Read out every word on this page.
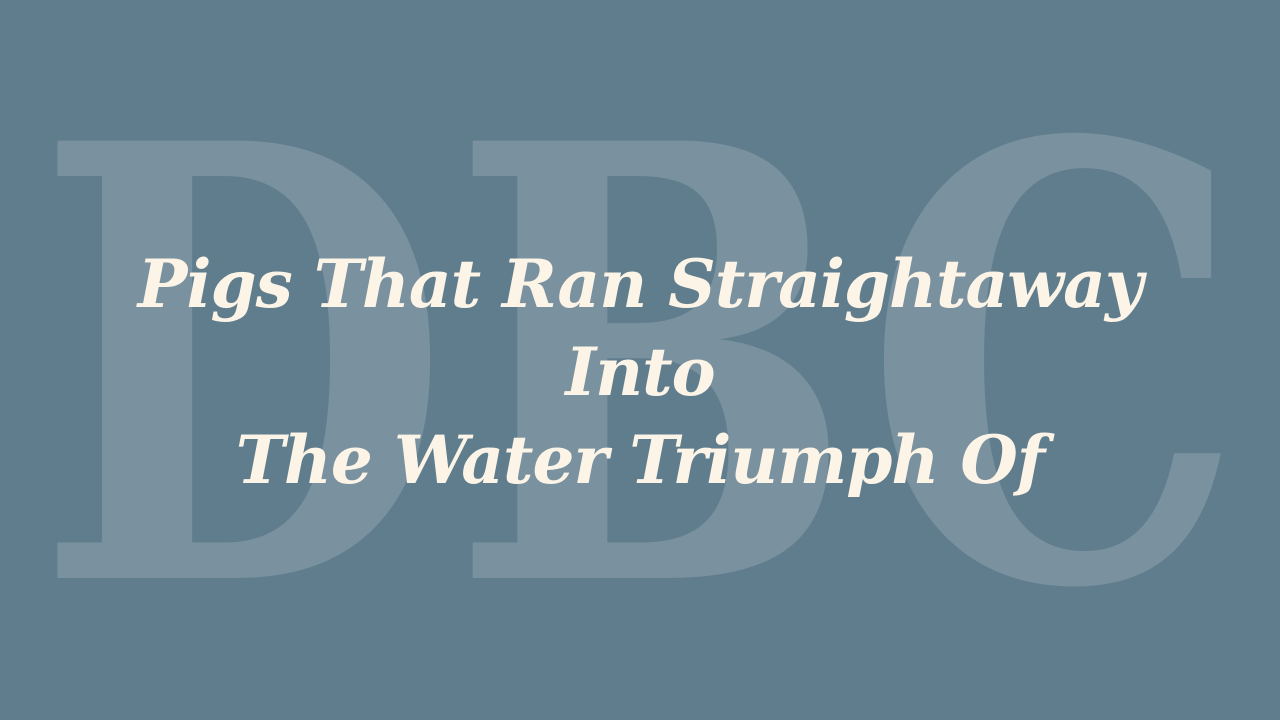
DBC
Pigs That Ran Straightaway Into
The Water Triumph Of
